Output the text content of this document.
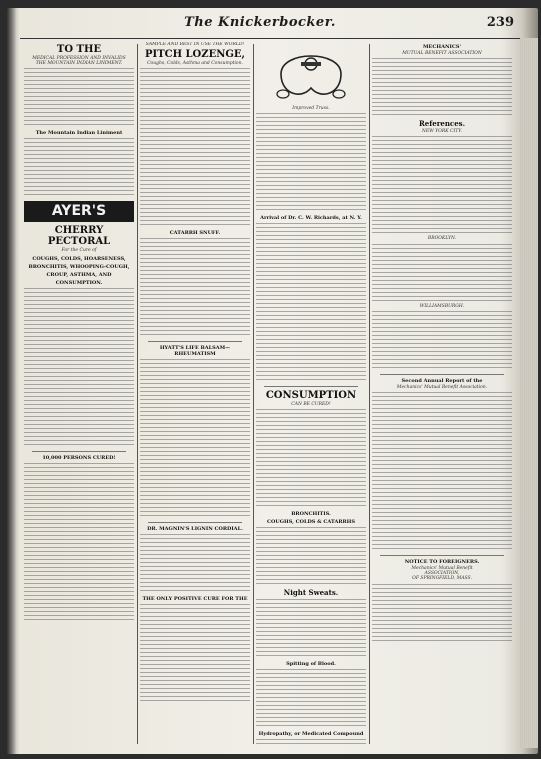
The Knickerbocker.	239
TO THE
MEDICAL PROFESSION AND INVALIDS
THE MOUNTAIN INDIAN LINIMENT.
The Mountain Indian Liniment
AYER'S
CHERRY PECTORAL
For the Cure of
COUGHS, COLDS, HOARSENESS,
BRONCHITIS, WHOOPING-COUGH,
CROUP, ASTHMA, AND
CONSUMPTION.
10,000 PERSONS CURED!
SAMPLE AND BEST IN USE THE WORLD!
PITCH LOZENGE,
Coughs, Colds, Asthma and Consumption.
CATARRH SNUFF.
HYATT'S LIFE BALSAM—RHEUMATISM
DR. MAGNIN'S LIGNIN CORDIAL.
THE ONLY POSITIVE CURE FOR THE
Improved Truss.
Arrival of Dr. C. W. Richards, at N. Y.
CONSUMPTION
CAN BE CURED!
BRONCHITIS.
COUGHS, COLDS & CATARRHS
Night Sweats.
Spitting of Blood.
Hydropathy, or Medicated Compound
MECHANICS'
MUTUAL BENEFIT ASSOCIATION
References.
NEW YORK CITY.
BROOKLYN.
WILLIAMSBURGH.
Second Annual Report of the
Mechanics' Mutual Benefit Association.
NOTICE TO FOREIGNERS.
Mechanics' Mutual Benefit
ASSOCIATION,
OF SPRINGFIELD, MASS.
